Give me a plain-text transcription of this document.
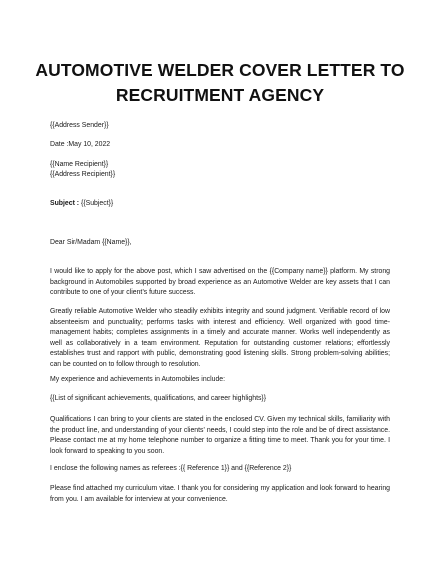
AUTOMOTIVE WELDER COVER LETTER TO
RECRUITMENT AGENCY

{{Address Sender}}

Date :May 10, 2022

{{Name Recipient}}

{{Address Recipient}}

Subject : {{Subject}}

Dear Sir/Madam {{Name}},

I would like to apply for the above post, which I saw advertised on the {{Company name}} platform. My strong background in Automobiles supported by broad experience as an Automotive Welder are key assets that I can contribute to one of your client’s future success.

Greatly reliable Automotive Welder who steadily exhibits integrity and sound judgment. Verifiable record of low absenteeism and punctuality; performs tasks with interest and efficiency. Well organized with good time-management habits; completes assignments in a timely and accurate manner. Works well independently as well as collaboratively in a team environment. Reputation for outstanding customer relations; effortlessly establishes trust and rapport with public, demonstrating good listening skills. Strong problem-solving abilities; can be counted on to follow through to resolution.

My experience and achievements in Automobiles include:

{{List of significant achievements, qualifications, and career highlights}}

Qualifications I can bring to your clients are stated in the enclosed CV. Given my technical skills, familiarity with the product line, and understanding of your clients' needs, I could step into the role and be of direct assistance. Please contact me at my home telephone number to organize a fitting time to meet. Thank you for your time. I look forward to speaking to you soon.

I enclose the following names as referees :{{ Reference 1}} and {{Reference 2}}

Please find attached my curriculum vitae. I thank you for considering my application and look forward to hearing from you. I am available for interview at your convenience.
